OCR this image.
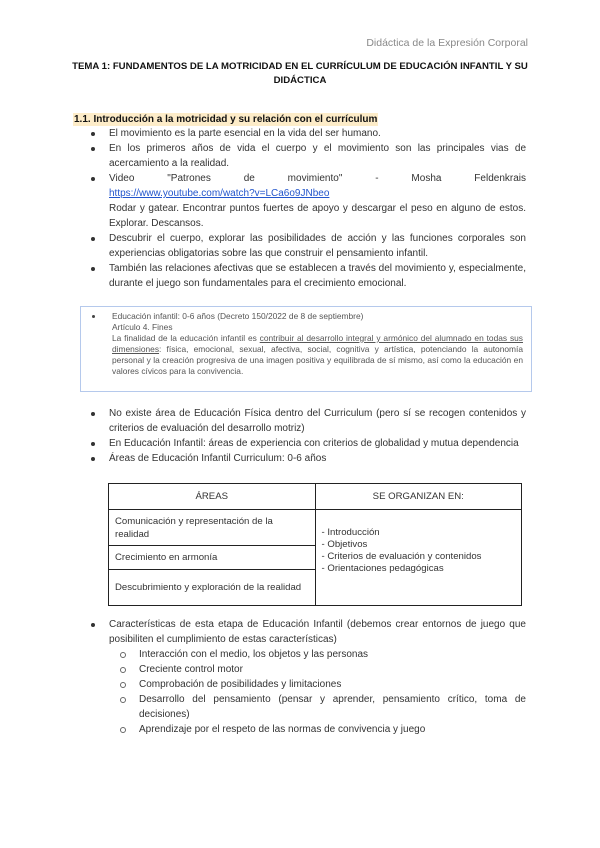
Didáctica de la Expresión Corporal
TEMA 1: FUNDAMENTOS DE LA MOTRICIDAD EN EL CURRÍCULUM DE EDUCACIÓN INFANTIL Y SU DIDÁCTICA
1.1. Introducción a la motricidad y su relación con el currículum
El movimiento es la parte esencial en la vida del ser humano.
En los primeros años de vida el cuerpo y el movimiento son las principales vias de acercamiento a la realidad.
Video "Patrones de movimiento" - Mosha Feldenkrais
https://www.youtube.com/watch?v=LCa6o9JNbeo
Rodar y gatear. Encontrar puntos fuertes de apoyo y descargar el peso en alguno de estos. Explorar. Descansos.
Descubrir el cuerpo, explorar las posibilidades de acción y las funciones corporales son experiencias obligatorias sobre las que construir el pensamiento infantil.
También las relaciones afectivas que se establecen a través del movimiento y, especialmente, durante el juego son fundamentales para el crecimiento emocional.
Educación infantil: 0-6 años (Decreto 150/2022 de 8 de septiembre)
Artículo 4. Fines
La finalidad de la educación infantil es contribuir al desarrollo integral y armónico del alumnado en todas sus dimensiones: física, emocional, sexual, afectiva, social, cognitiva y artística, potenciando la autonomía personal y la creación progresiva de una imagen positiva y equilibrada de sí mismo, así como la educación en valores cívicos para la convivencia.
No existe área de Educación Física dentro del Curriculum (pero sí se recogen contenidos y criterios de evaluación del desarrollo motriz)
En Educación Infantil: áreas de experiencia con criterios de globalidad y mutua dependencia
Áreas de Educación Infantil Curriculum: 0-6 años
ÁREAS	SE ORGANIZAN EN:
Comunicación y representación de la realidad	- Introducción
- Objetivos
- Criterios de evaluación y contenidos
- Orientaciones pedagógicas

Crecimiento en armonía	
Descubrimiento y exploración de la realidad	
Características de esta etapa de Educación Infantil (debemos crear entornos de juego que posibiliten el cumplimiento de estas características)
Interacción con el medio, los objetos y las personas
Creciente control motor
Comprobación de posibilidades y limitaciones
Desarrollo del pensamiento (pensar y aprender, pensamiento crítico, toma de decisiones)
Aprendizaje por el respeto de las normas de convivencia y juego
